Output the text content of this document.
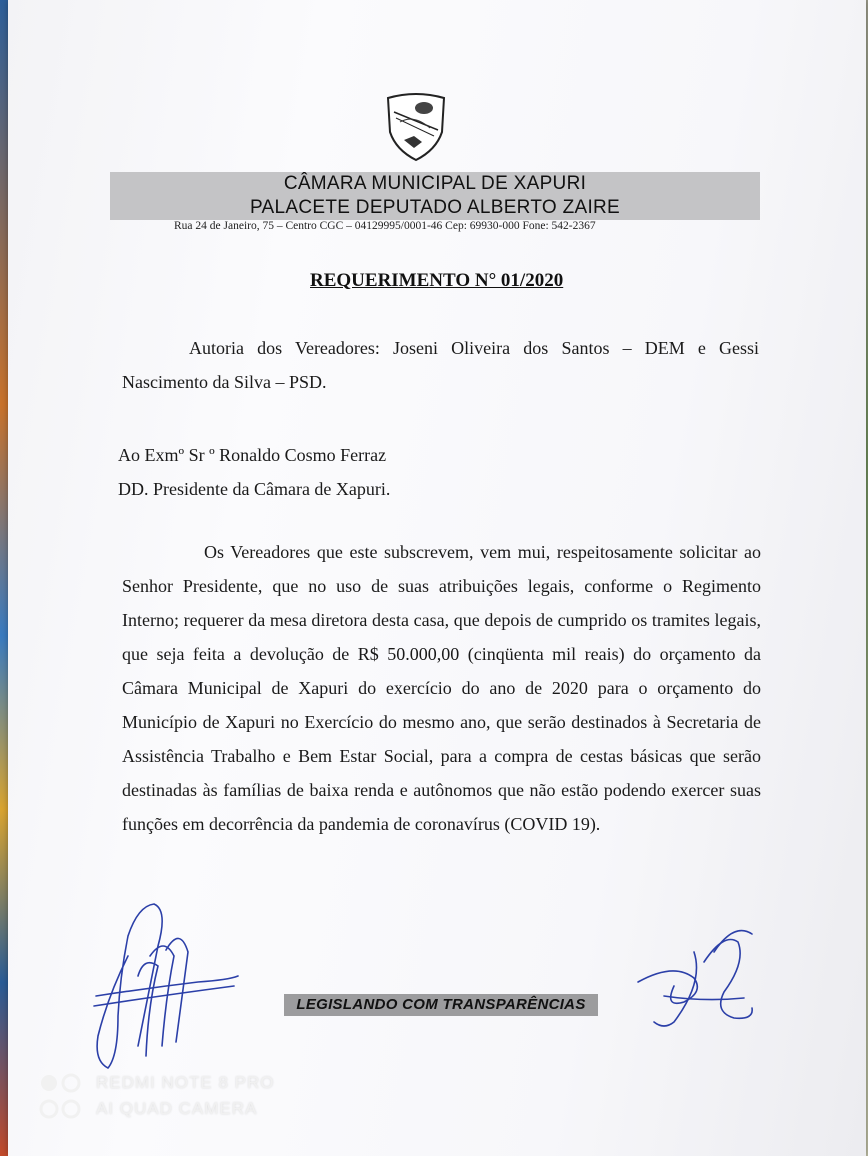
CÂMARA MUNICIPAL DE XAPURI
PALACETE DEPUTADO ALBERTO ZAIRE
Rua 24 de Janeiro, 75 – Centro CGC – 04129995/0001-46 Cep: 69930-000 Fone: 542-2367
REQUERIMENTO N° 01/2020
Autoria dos Vereadores: Joseni Oliveira dos Santos – DEM e Gessi Nascimento da Silva – PSD.
Ao Exmº Sr º Ronaldo Cosmo Ferraz
DD. Presidente da Câmara de Xapuri.
Os Vereadores que este subscrevem, vem mui, respeitosamente solicitar ao Senhor Presidente, que no uso de suas atribuições legais, conforme o Regimento Interno; requerer da mesa diretora desta casa, que depois de cumprido os tramites legais, que seja feita a devolução de R$ 50.000,00 (cinqüenta mil reais) do orçamento da Câmara Municipal de Xapuri do exercício do ano de 2020 para o orçamento do Município de Xapuri no Exercício do mesmo ano, que serão destinados à Secretaria de Assistência Trabalho e Bem Estar Social, para a compra de cestas básicas que serão destinadas às famílias de baixa renda e autônomos que não estão podendo exercer suas funções em decorrência da pandemia de coronavírus (COVID 19).
LEGISLANDO COM TRANSPARÊNCIAS
REDMI NOTE 8 PRO
AI QUAD CAMERA
